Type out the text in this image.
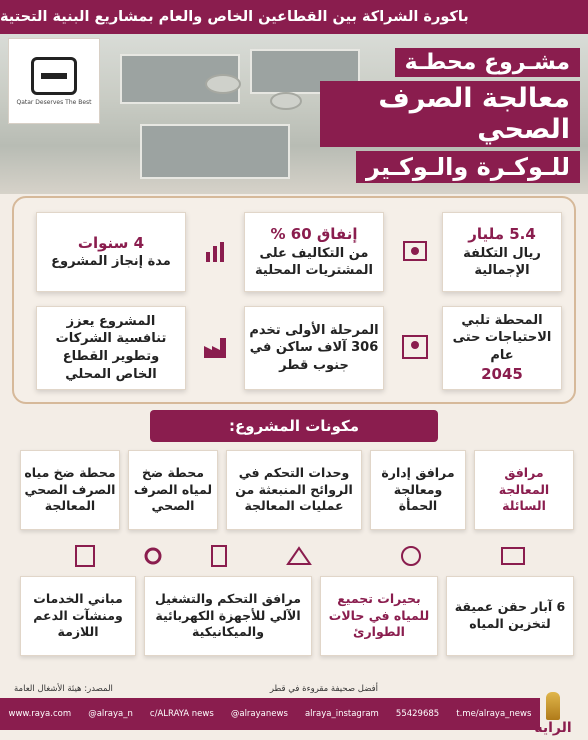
باكورة الشراكة بين القطاعين الخاص والعام بمشاريع البنية التحتية
Qatar Deserves The Best
مشـروع محطـة
معالجة الصرف الصحي
للـوكـرة والـوكـير
5.4 مليار
ريال التكلفة الإجمالية
إنفاق 60 %
من التكاليف على المشتريات المحلية
4 سنوات
مدة إنجاز المشروع
المحطة تلبي الاحتياجات حتى عام
2045
المرحلة الأولى تخدم 306 آلاف ساكن في جنوب قطر
المشروع يعزز تنافسية الشركات وتطوير القطاع الخاص المحلي
مكونات المشروع:
مرافق المعالجة السائلة
مرافق إدارة ومعالجة الحمأة
وحدات التحكم في الروائح المنبعثة من عمليات المعالجة
محطة ضخ لمياه الصرف الصحي
محطة ضخ مياه الصرف الصحي المعالجة
6 آبار حقن عميقة لتخزين المياه
بحيرات تجميع للمياه في حالات الطوارئ
مرافق التحكم والتشغيل الآلي للأجهزة الكهربائية والميكانيكية
مباني الخدمات ومنشآت الدعم اللازمة
المصدر: هيئة الأشغال العامة	أفضل صحيفة مقروءة في قطر
www.raya.com @alraya_n c/ALRAYA news @alrayanews alraya_instagram 55429685 t.me/alraya_news
الراية
